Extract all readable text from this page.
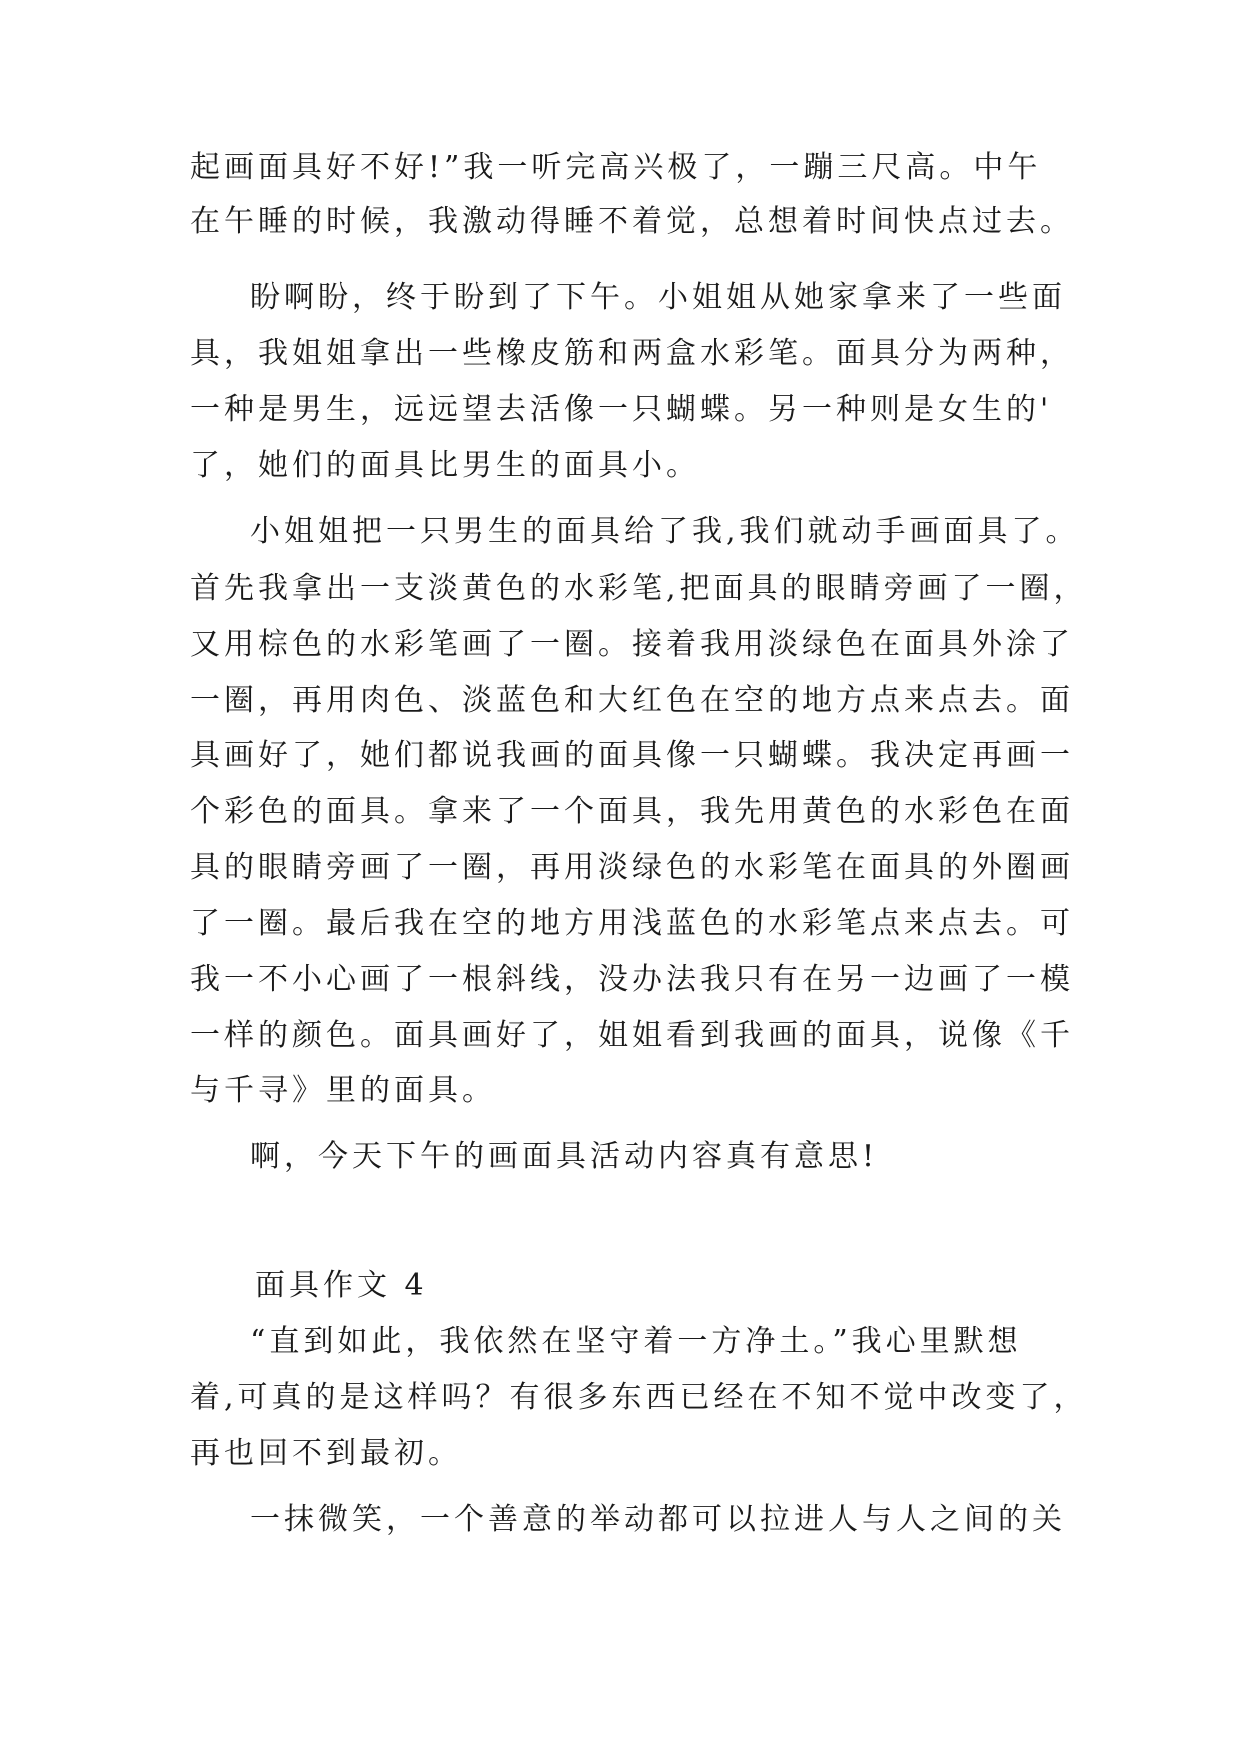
起画面具好不好!”我一听完高兴极了，一蹦三尺高。中午
在午睡的时候，我激动得睡不着觉，总想着时间快点过去。
盼啊盼，终于盼到了下午。小姐姐从她家拿来了一些面
具，我姐姐拿出一些橡皮筋和两盒水彩笔。面具分为两种，
一种是男生，远远望去活像一只蝴蝶。另一种则是女生的'
了，她们的面具比男生的面具小。
小姐姐把一只男生的面具给了我,我们就动手画面具了。
首先我拿出一支淡黄色的水彩笔,把面具的眼睛旁画了一圈，
又用棕色的水彩笔画了一圈。接着我用淡绿色在面具外涂了
一圈，再用肉色、淡蓝色和大红色在空的地方点来点去。面
具画好了，她们都说我画的面具像一只蝴蝶。我决定再画一
个彩色的面具。拿来了一个面具，我先用黄色的水彩色在面
具的眼睛旁画了一圈，再用淡绿色的水彩笔在面具的外圈画
了一圈。最后我在空的地方用浅蓝色的水彩笔点来点去。可
我一不小心画了一根斜线，没办法我只有在另一边画了一模
一样的颜色。面具画好了，姐姐看到我画的面具，说像《千
与千寻》里的面具。
啊，今天下午的画面具活动内容真有意思!
面具作文 4
“直到如此，我依然在坚守着一方净土。”我心里默想
着,可真的是这样吗？有很多东西已经在不知不觉中改变了，
再也回不到最初。
一抹微笑，一个善意的举动都可以拉进人与人之间的关
